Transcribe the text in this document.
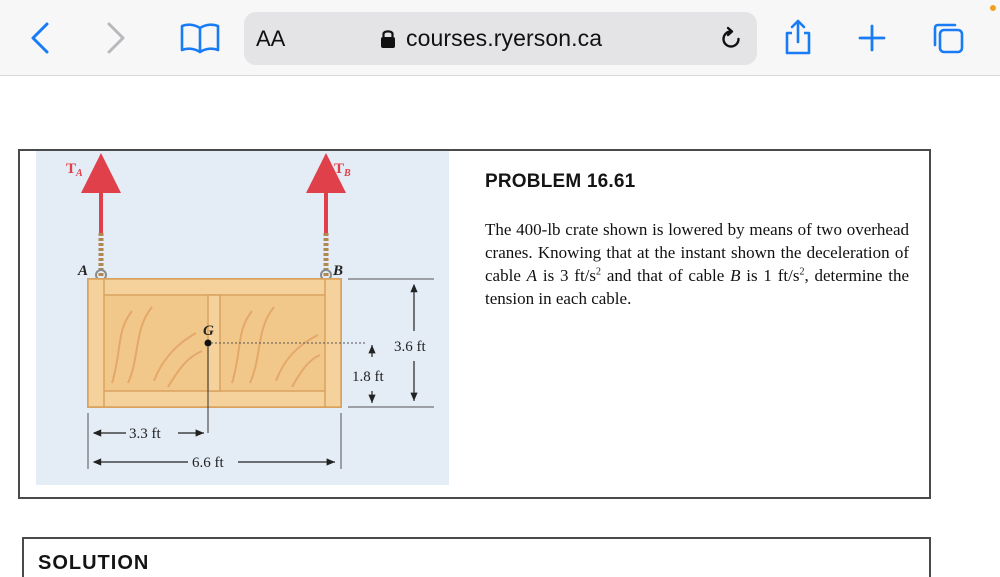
AA	courses.ryerson.ca
$T_A$	$T_B$
A	B
G
3.6 ft
1.8 ft
3.3 ft
6.6 ft
PROBLEM 16.61

The 400-lb crate shown is lowered by means of two overhead cranes. Knowing that at the instant shown the deceleration of cable A is 3 $ft/s^2$ and that of cable B is 1 $ft/s^2$, determine the tension in each cable.

SOLUTION
